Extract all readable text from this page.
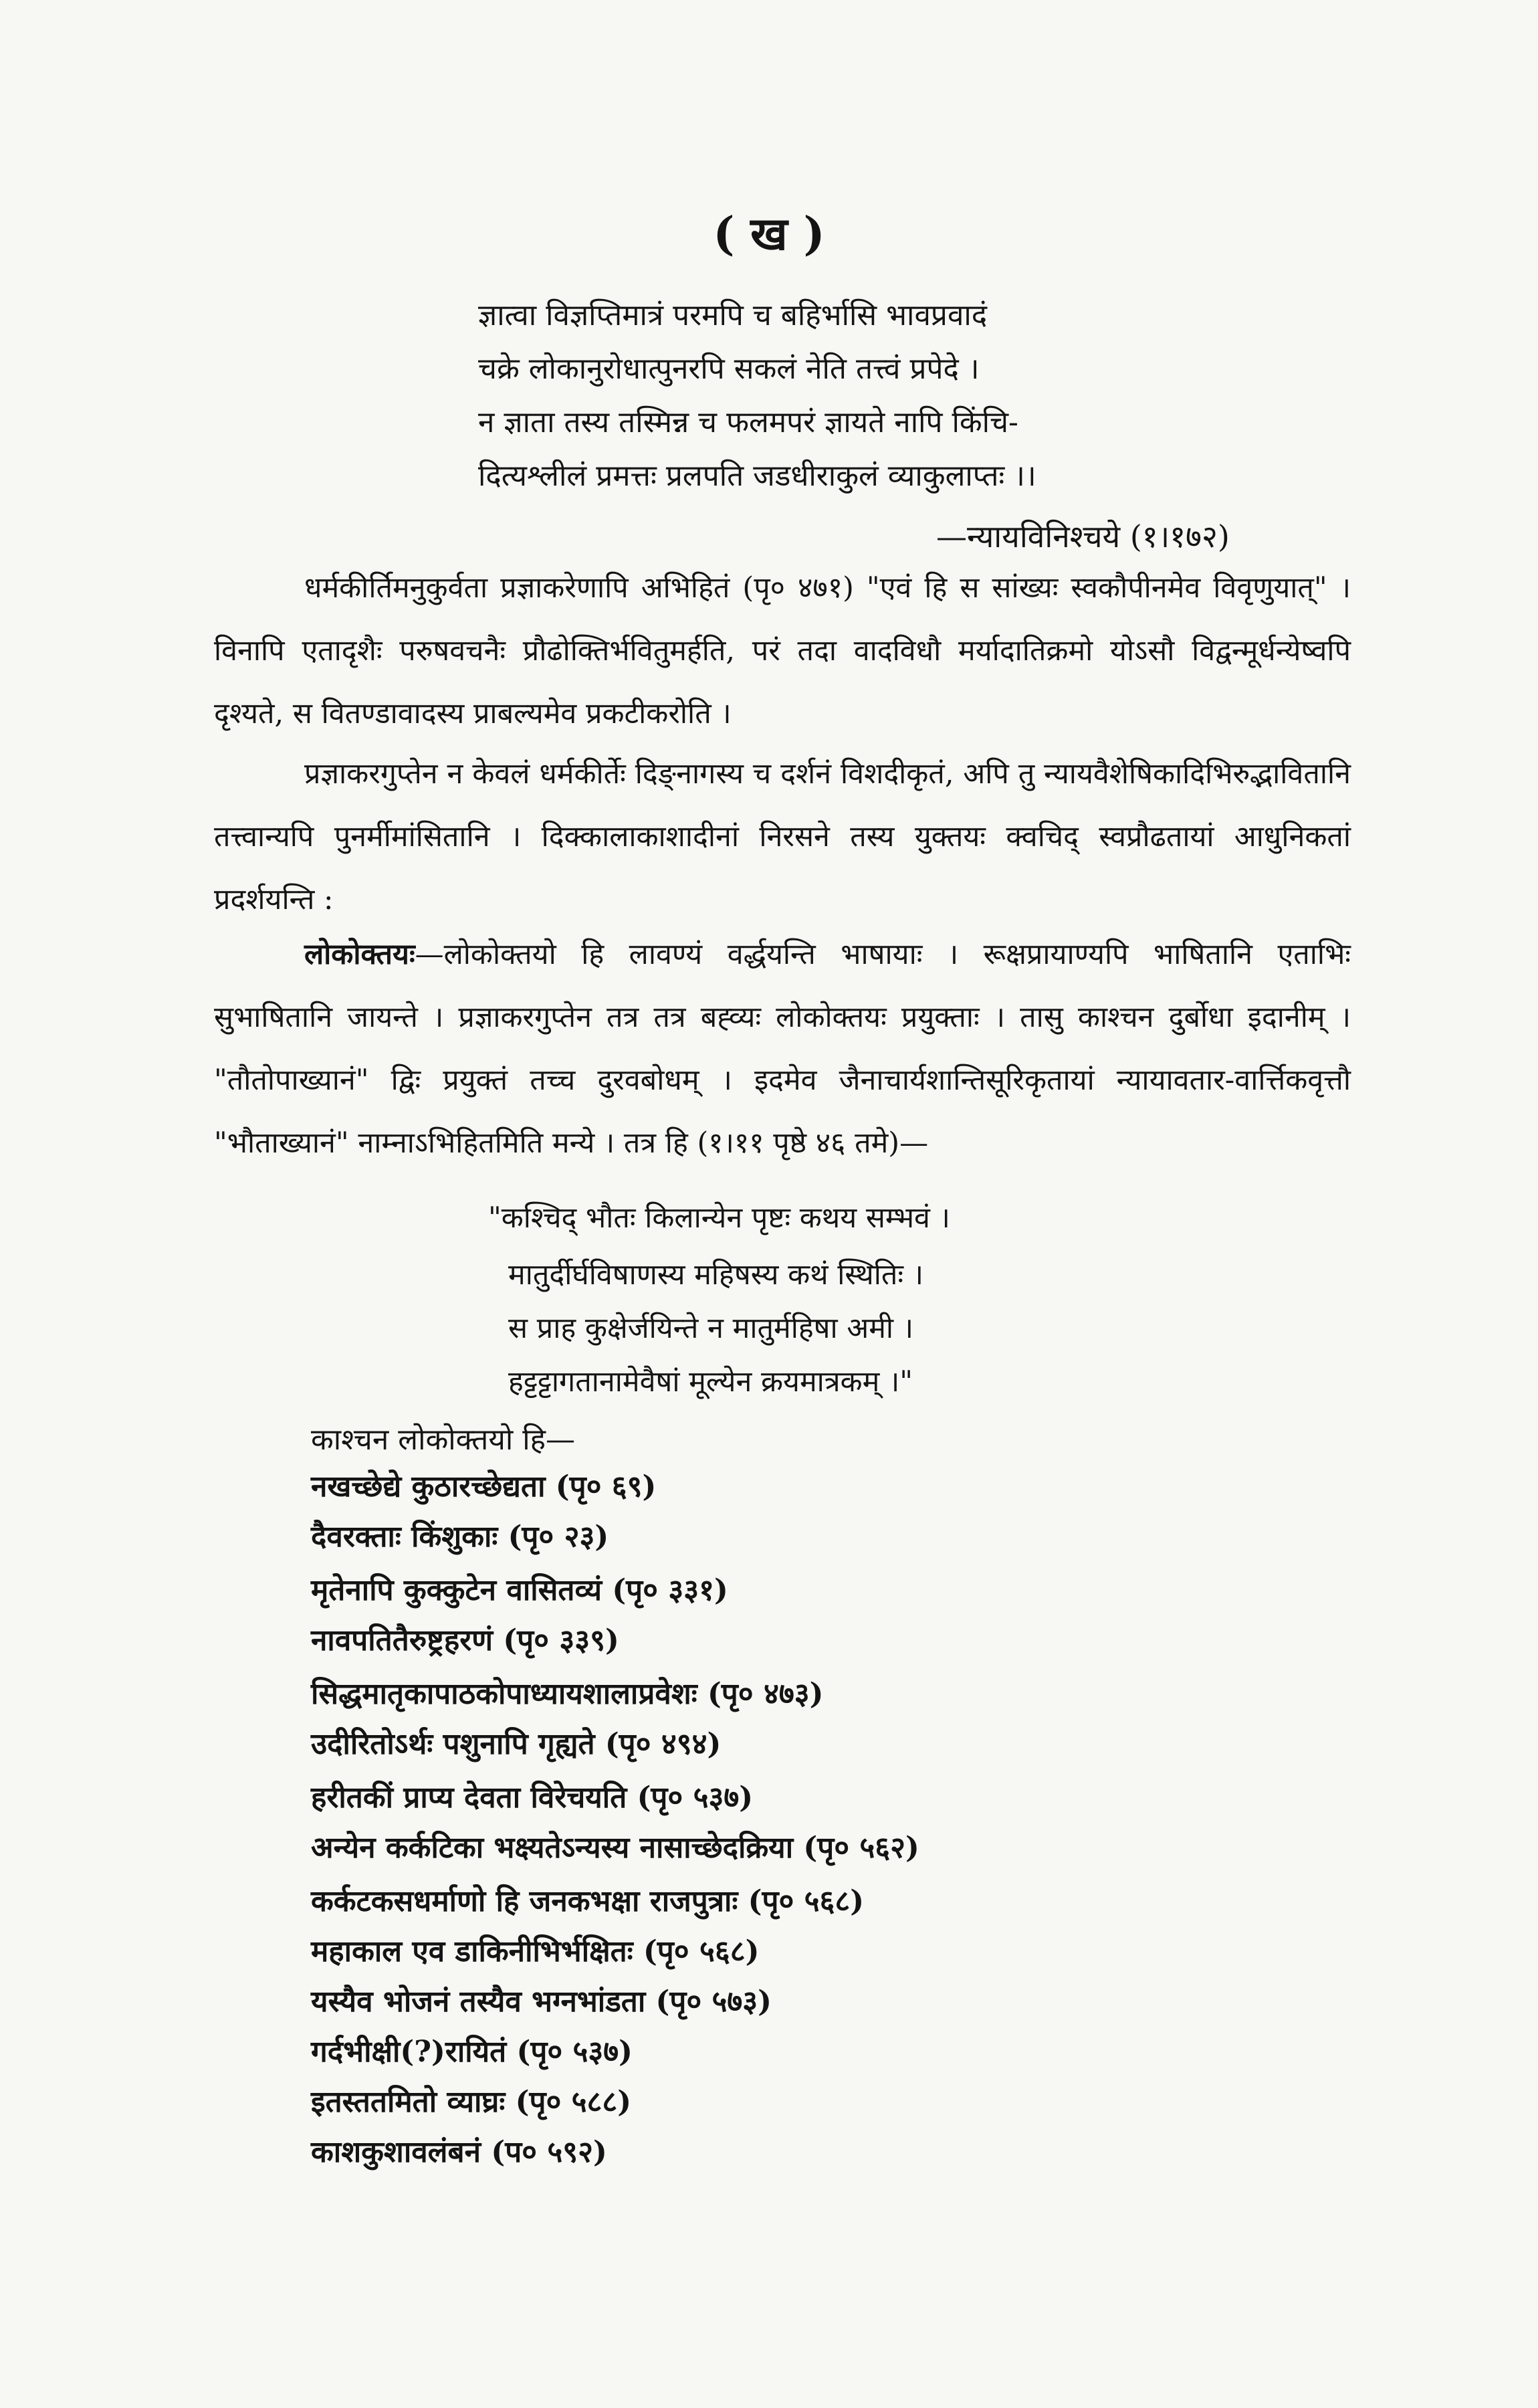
( ख )
ज्ञात्वा विज्ञप्तिमात्रं परमपि च बहिर्भासि भावप्रवादं
चक्रे लोकानुरोधात्पुनरपि सकलं नेति तत्त्वं प्रपेदे ।
न ज्ञाता तस्य तस्मिन्न च फलमपरं ज्ञायते नापि किंचि-
दित्यश्लीलं प्रमत्तः प्रलपति जडधीराकुलं व्याकुलाप्तः ।।
—न्यायविनिश्चये (१।१७२)

धर्मकीर्तिमनुकुर्वता प्रज्ञाकरेणापि अभिहितं (पृ० ४७१) "एवं हि स सांख्यः स्वकौपीनमेव विवृणुयात्" । विनापि एतादृशैः परुषवचनैः प्रौढोक्तिर्भवितुमर्हति, परं तदा वादविधौ मर्यादातिक्रमो योऽसौ विद्वन्मूर्धन्येष्वपि दृश्यते, स वितण्डावादस्य प्राबल्यमेव प्रकटीकरोति ।

प्रज्ञाकरगुप्तेन न केवलं धर्मकीर्तेः दिङ्नागस्य च दर्शनं विशदीकृतं, अपि तु न्यायवैशेषिकादिभिरुद्भावितानि तत्त्वान्यपि पुनर्मीमांसितानि । दिक्कालाकाशादीनां निरसने तस्य युक्तयः क्वचिद् स्वप्रौढतायां आधुनिकतां प्रदर्शयन्ति :

लोकोक्तयः—लोकोक्तयो हि लावण्यं वर्द्धयन्ति भाषायाः । रूक्षप्रायाण्यपि भाषितानि एताभिः सुभाषितानि जायन्ते । प्रज्ञाकरगुप्तेन तत्र तत्र बह्व्यः लोकोक्तयः प्रयुक्ताः । तासु काश्चन दुर्बोधा इदानीम् । "तौतोपाख्यानं" द्विः प्रयुक्तं तच्च दुरवबोधम् । इदमेव जैनाचार्यशान्तिसूरिकृतायां न्यायावतार-वार्त्तिकवृत्तौ "भौताख्यानं" नाम्नाऽभिहितमिति मन्ये । तत्र हि (१।११ पृष्ठे ४६ तमे)—

"कश्चिद् भौतः किलान्येन पृष्टः कथय सम्भवं ।
मातुर्दीर्घविषाणस्य महिषस्य कथं स्थितिः ।
स प्राह कुक्षेर्जयिन्ते न मातुर्महिषा अमी ।
हट्टट्टागतानामेवैषां मूल्येन क्रयमात्रकम् ।"
काश्चन लोकोक्तयो हि—
नखच्छेद्ये कुठारच्छेद्यता (पृ० ६९)
दैवरक्ताः किंशुकाः (पृ० २३)
मृतेनापि कुक्कुटेन वासितव्यं (पृ० ३३१)
नावपतितैरुष्ट्रहरणं (पृ० ३३९)
सिद्धमातृकापाठकोपाध्यायशालाप्रवेशः (पृ० ४७३)
उदीरितोऽर्थः पशुनापि गृह्यते (पृ० ४९४)
हरीतकीं प्राप्य देवता विरेचयति (पृ० ५३७)
अन्येन कर्कटिका भक्ष्यतेऽन्यस्य नासाच्छेदक्रिया (पृ० ५६२)
कर्कटकसधर्माणो हि जनकभक्षा राजपुत्राः (पृ० ५६८)
महाकाल एव डाकिनीभिर्भक्षितः (पृ० ५६८)
यस्यैव भोजनं तस्यैव भग्नभांडता (पृ० ५७३)
गर्दभीक्षी(?)रायितं (पृ० ५३७)
इतस्ततमितो व्याघ्रः (पृ० ५८८)
काशकुशावलंबनं (प० ५९२)
